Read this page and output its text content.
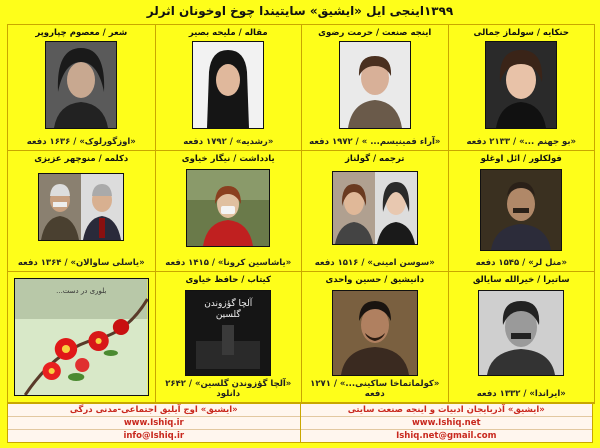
۱۳۹۹اینجی ایل «ایشیق» سایتیندا چوخ اوخونان اثرلر
حنکایه / سولماز جمالی
«بو جهنم ...» / ۲۱۳۳ دفعه
اینجه صنعت / حرمت رضوی
«آراء فمینیسم... » / ۱۹۷۲ دفعه
مقاله / ملیحه بصیر
«رشدیه» / ۱۷۹۲ دفعه
شعر / معصوم چپاروپر
«اوزگورلوک» / ۱۶۳۶ دفعه
فولکلور / ائل اوغلو
«منل لر» / ۱۵۴۵ دفعه
ترجمه / گولناز
«سوسن امینی» / ۱۵۱۶ دفعه
یادداشت / نیگار خیاوی
«یاشاسین کرونا» / ۱۴۱۵ دفعه
دکلمه / منوچهر عزیزی
«یاسلی ساوالان» / ۱۳۶۴ دفعه
ساتیرا / خیرالله سایالق
«ایراندا» / ۱۳۳۲ دفعه
دانیشیق / حسین واحدی
«کولماتماخا ساکینی...» / ۱۲۷۱ دفعه
کیتاب / حافظ خیاوی
آلچا گؤزوندن
گلسین
«آلچا گؤزوندن گلسین» / ۲۶۴۲ دانلود
بلوری در دست...
«ایشیق» آذربایجان ادبیات و اینجه صنعت سایتی
www.Ishiq.net
Ishiq.net@gmail.com
«ایشیق» اوج آیلیق اجتماعی-مدنی درگی
www.Ishiq.ir
info@Ishiq.ir
